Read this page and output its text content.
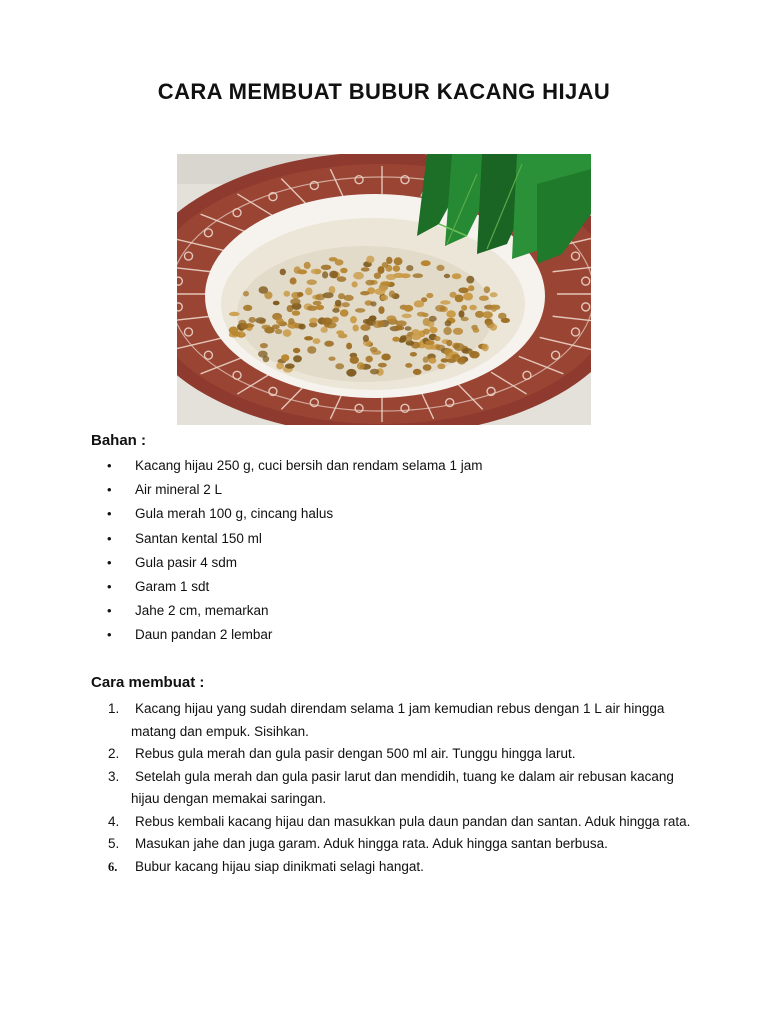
CARA MEMBUAT BUBUR KACANG HIJAU
Bahan :
• Kacang hijau 250 g, cuci bersih dan rendam selama 1 jam
• Air mineral 2 L
• Gula merah 100 g, cincang halus
• Santan kental 150 ml
• Gula pasir 4 sdm
• Garam 1 sdt
• Jahe 2 cm, memarkan
• Daun pandan 2 lembar
Cara membuat :
1. Kacang hijau yang sudah direndam selama 1 jam kemudian rebus dengan 1 L air hingga matang dan empuk. Sisihkan.
2. Rebus gula merah dan gula pasir dengan 500 ml air. Tunggu hingga larut.
3. Setelah gula merah dan gula pasir larut dan mendidih, tuang ke dalam air rebusan kacang hijau dengan memakai saringan.
4. Rebus kembali kacang hijau dan masukkan pula daun pandan dan santan. Aduk hingga rata.
5. Masukan jahe dan juga garam. Aduk hingga rata. Aduk hingga santan berbusa.
6. Bubur kacang hijau siap dinikmati selagi hangat.
